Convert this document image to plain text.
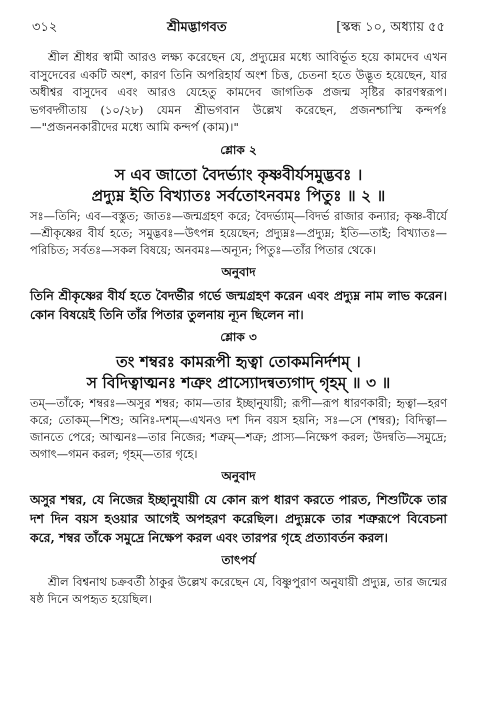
৩১২	শ্রীমদ্ভাগবত	[স্কন্ধ ১০, অধ্যায় ৫৫

শ্রীল শ্রীধর স্বামী আরও লক্ষ্য করেছেন যে, প্রদ্যুম্নের মধ্যে আবির্ভূত হয়ে কামদেব এখন বাসুদেবের একটি অংশ, কারণ তিনি অপরিহার্য অংশ চিত্ত, চেতনা হতে উদ্ভূত হয়েছেন, যার অধীশ্বর বাসুদেব এবং আরও যেহেতু কামদেব জাগতিক প্রজন্ম সৃষ্টির কারণস্বরূপ। ভগবদ্গীতায় (১০/২৮) যেমন শ্রীভগবান উল্লেখ করেছেন, প্রজনশ্চাস্মি কন্দর্পঃ—"প্রজননকারীদের মধ্যে আমি কন্দর্প (কাম)।"

শ্লোক ২

স এব জাতো বৈদর্ভ্যাং কৃষ্ণবীর্যসমুদ্ভবঃ ।

প্রদ্যুম্ন ইতি বিখ্যাতঃ সর্বতোঽনবমঃ পিতুঃ ॥ ২ ॥

সঃ—তিনি; এব—বস্তুত; জাতঃ—জন্মগ্রহণ করে; বৈদর্ভ্যাম্—বিদর্ভ রাজার কন্যার; কৃষ্ণ-বীর্যে—শ্রীকৃষ্ণের বীর্য হতে; সমুদ্ভবঃ—উৎপন্ন হয়েছেন; প্রদ্যুম্নঃ—প্রদ্যুম্ন; ইতি—তাই; বিখ্যাতঃ—পরিচিত; সর্বতঃ—সকল বিষয়ে; অনবমঃ—অন্যূন; পিতুঃ—তাঁর পিতার থেকে।

অনুবাদ

তিনি শ্রীকৃষ্ণের বীর্য হতে বৈদর্ভীর গর্ভে জন্মগ্রহণ করেন এবং প্রদ্যুম্ন নাম লাভ করেন। কোন বিষয়েই তিনি তাঁর পিতার তুলনায় ন্যূন ছিলেন না।

শ্লোক ৩

তং শম্বরঃ কামরূপী হৃত্বা তোকমনির্দশম্ ।

স বিদিত্বাত্মনঃ শত্রুং প্রাস্যোদন্বত্যগাদ্ গৃহম্ ॥ ৩ ॥

তম্—তাঁকে; শম্বরঃ—অসুর শম্বর; কাম—তার ইচ্ছানুযায়ী; রূপী—রূপ ধারণকারী; হৃত্বা—হরণ করে; তোকম্—শিশু; অনিঃ-দশম্—এখনও দশ দিন বয়স হয়নি; সঃ—সে (শম্বর); বিদিত্বা—জানতে পেরে; আত্মনঃ—তার নিজের; শত্রুম্—শত্রু; প্রাস্য—নিক্ষেপ করল; উদন্বতি—সমুদ্রে; অগাৎ—গমন করল; গৃহম্—তার গৃহে।

অনুবাদ

অসুর শম্বর, যে নিজের ইচ্ছানুযায়ী যে কোন রূপ ধারণ করতে পারত, শিশুটিকে তার দশ দিন বয়স হওয়ার আগেই অপহরণ করেছিল। প্রদ্যুম্নকে তার শত্রুরূপে বিবেচনা করে, শম্বর তাঁকে সমুদ্রে নিক্ষেপ করল এবং তারপর গৃহে প্রত্যাবর্তন করল।

তাৎপর্য

শ্রীল বিশ্বনাথ চক্রবর্তী ঠাকুর উল্লেখ করেছেন যে, বিষ্ণুপুরাণ অনুযায়ী প্রদ্যুম্ন, তার জন্মের ষষ্ঠ দিনে অপহৃত হয়েছিল।
